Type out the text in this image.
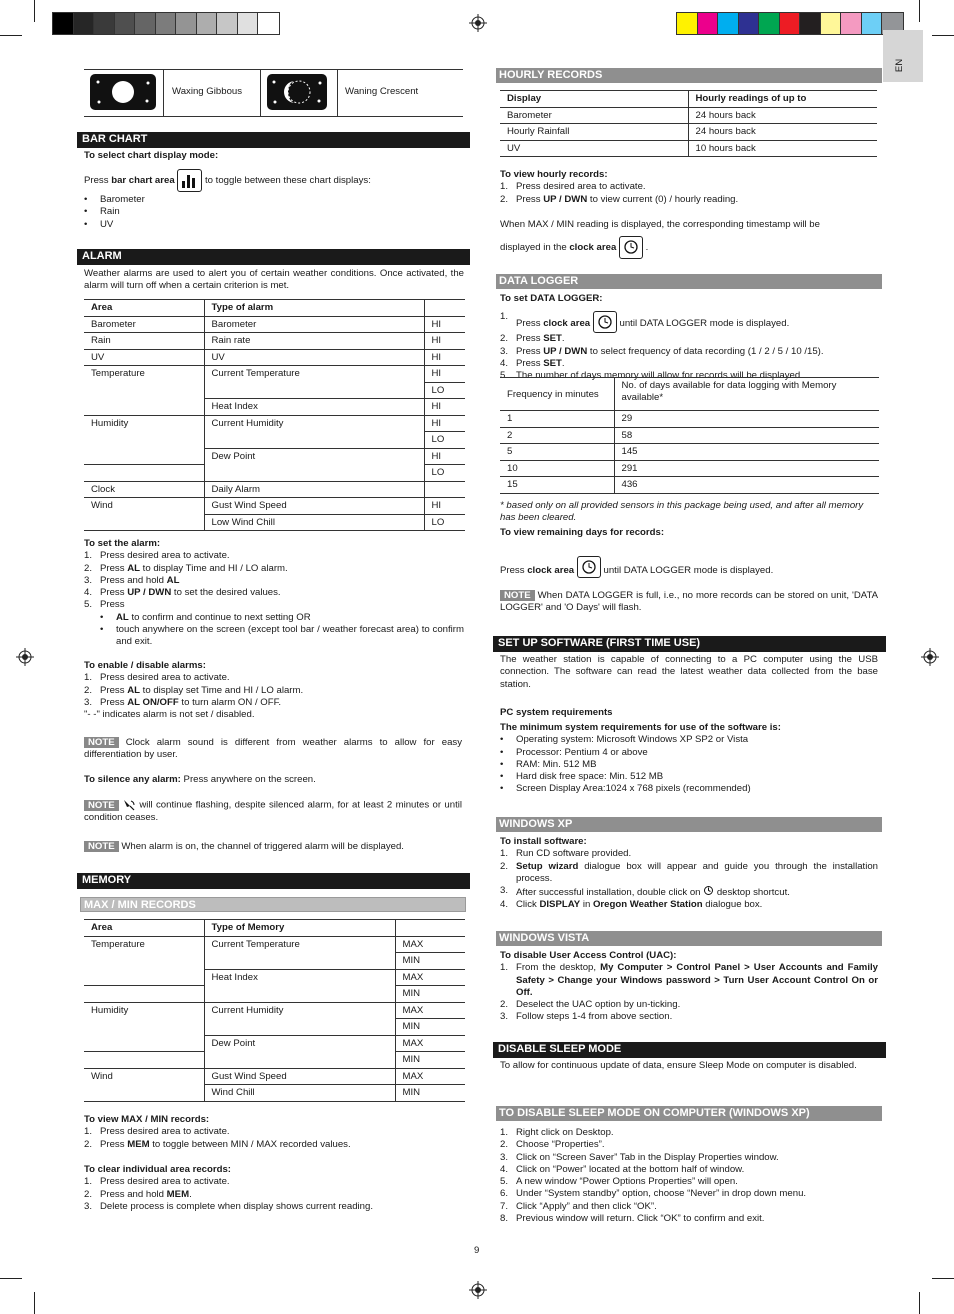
EN
Waxing Gibbous	Waning Crescent
BAR CHART
To select chart display mode:
Press bar chart area	to toggle between these chart displays:
• Barometer
• Rain
• UV
ALARM
Weather alarms are used to alert you of certain weather conditions. Once activated, the alarm will turn off when a certain criterion is met.
Area	Type of alarm	
Barometer	Barometer	HI
Rain	Rain rate	HI
UV	UV	HI
Temperature	Current Temperature	HI
		LO
	Heat Index	HI
Humidity	Current Humidity	HI
		LO
	Dew Point	HI
		LO
Clock	Daily Alarm	
Wind	Gust Wind Speed	HI
	Low Wind Chill	LO
To set the alarm:
1. Press desired area to activate.
2. Press AL to display Time and HI / LO alarm.
3. Press and hold AL
4. Press UP / DWN to set the desired values.
5. Press
• AL to confirm and continue to next setting OR
• touch anywhere on the screen (except tool bar / weather forecast area) to confirm and exit.
To enable / disable alarms:
1. Press desired area to activate.
2. Press AL to display set Time and HI / LO alarm.
3. Press AL ON/OFF to turn alarm ON / OFF.
"- -" indicates alarm is not set / disabled.
NOTE Clock alarm sound is different from weather alarms to allow for easy differentiation by user.
To silence any alarm: Press anywhere on the screen.
NOTE  will continue flashing, despite silenced alarm, for at least 2 minutes or until condition ceases.
NOTE When alarm is on, the channel of triggered alarm will be displayed.
MEMORY
MAX / MIN RECORDS
Area	Type of Memory	
Temperature	Current Temperature	MAX
		MIN
	Heat Index	MAX
		MIN
Humidity	Current Humidity	MAX
		MIN
	Dew Point	MAX
		MIN
Wind	Gust Wind Speed	MAX
	Wind Chill	MIN
To view MAX / MIN records:
1. Press desired area to activate.
2. Press MEM to toggle between MIN / MAX recorded values.
To clear individual area records:
1. Press desired area to activate.
2. Press and hold MEM.
3. Delete process is complete when display shows current reading.
HOURLY RECORDS
Display	Hourly readings of up to
Barometer	24 hours back
Hourly Rainfall	24 hours back
UV	10 hours back
To view hourly records:
1. Press desired area to activate.
2. Press UP / DWN to view current (0) / hourly reading.
When MAX / MIN reading is displayed, the corresponding timestamp will be
displayed in the clock area	.
DATA LOGGER
To set DATA LOGGER:
1.
Press clock area	until DATA LOGGER mode is displayed.
2. Press SET.
3. Press UP / DWN to select frequency of data recording (1 / 2 / 5 / 10 /15).
4. Press SET.
5. The number of days memory will allow for records will be displayed.
Frequency in minutes	No. of days available for data logging with Memory available*
1	29
2	58
5	145
10	291
15	436
* based only on all provided sensors in this package being used, and after all memory has been cleared.
To view remaining days for records:
Press clock area	until DATA LOGGER mode is displayed.
NOTE When DATA LOGGER is full, i.e., no more records can be stored on unit, 'DATA LOGGER' and 'O Days' will flash.
SET UP SOFTWARE (FIRST TIME USE)
The weather station is capable of connecting to a PC computer using the USB connection. The software can read the latest weather data collected from the base station.
PC system requirements
The minimum system requirements for use of the software is:
• Operating system: Microsoft Windows XP SP2 or Vista
• Processor: Pentium 4 or above
• RAM: Min. 512 MB
• Hard disk free space: Min. 512 MB
• Screen Display Area:1024 x 768 pixels (recommended)
WINDOWS XP
To install software:
1. Run CD software provided.
2. Setup wizard dialogue box will appear and guide you through the installation process.
3. After successful installation, double click on  desktop shortcut.
4. Click DISPLAY in Oregon Weather Station dialogue box.
WINDOWS VISTA
To disable User Access Control (UAC):
1. From the desktop, My Computer > Control Panel > User Accounts and Family Safety > Change your Windows password > Turn User Account Control On or Off.
2. Deselect the UAC option by un-ticking.
3. Follow steps 1-4 from above section.
DISABLE SLEEP MODE
To allow for continuous update of data, ensure Sleep Mode on computer is disabled.
TO DISABLE SLEEP MODE ON COMPUTER (WINDOWS XP)
1. Right click on Desktop.
2. Choose “Properties”.
3. Click on “Screen Saver” Tab in the Display Properties window.
4. Click on “Power” located at the bottom half of window.
5. A new window “Power Options Properties” will open.
6. Under “System standby” option, choose “Never” in drop down menu.
7. Click “Apply” and then click “OK”.
8. Previous window will return. Click “OK” to confirm and exit.
9
